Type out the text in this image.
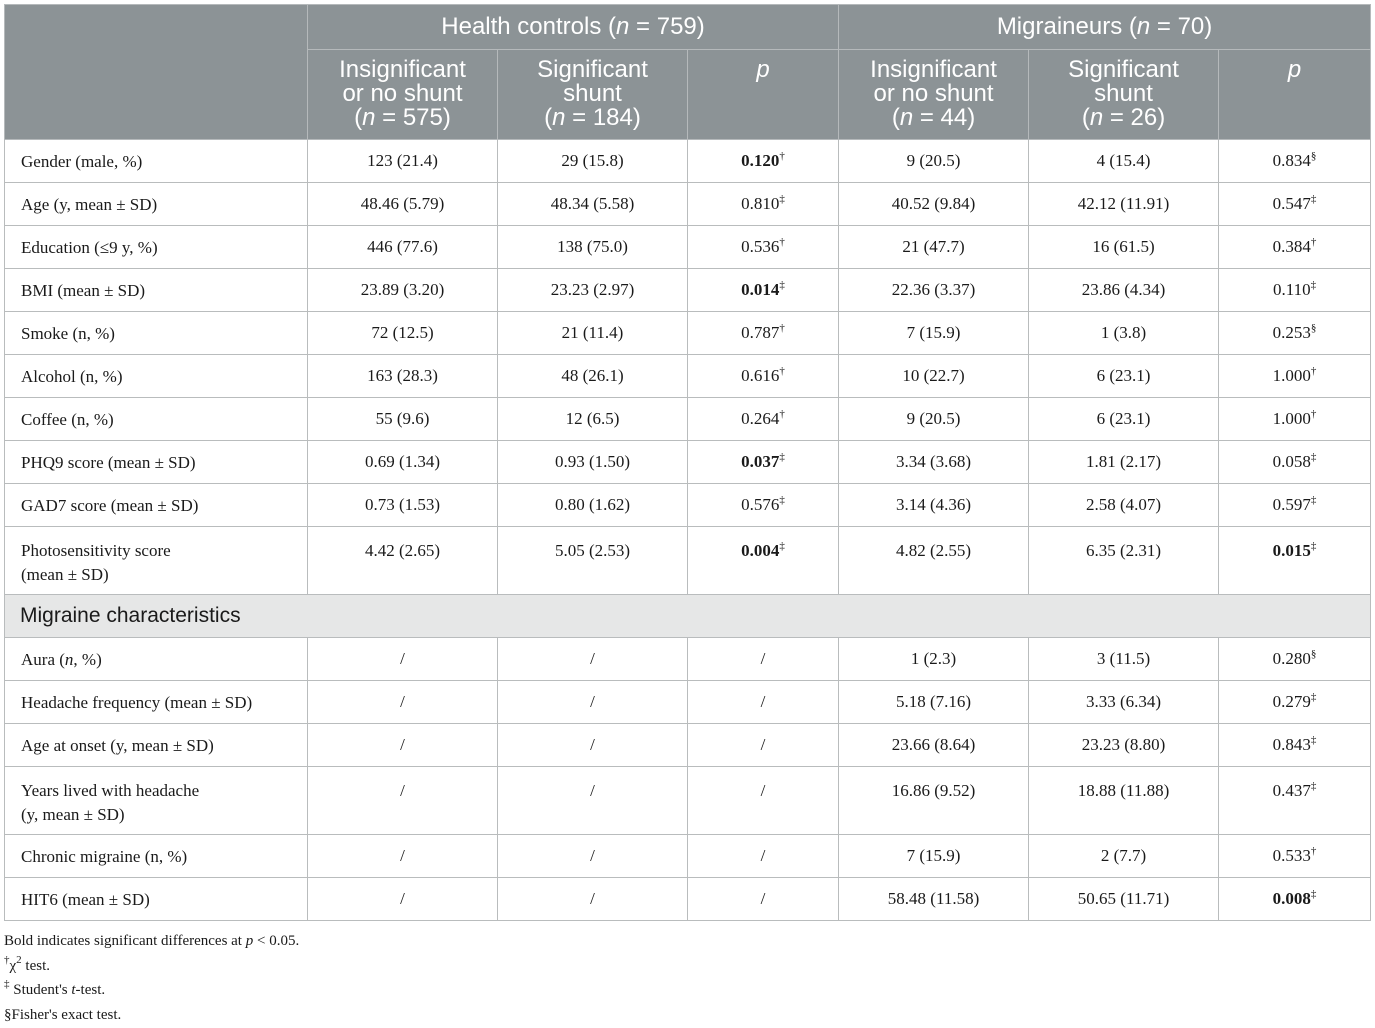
	Health controls (n = 759)			Migraineurs (n = 70)		
	Insignificant
or no shunt
(n = 575)	Significant
shunt
(n = 184)	p	Insignificant
or no shunt
(n = 44)	Significant
shunt
(n = 26)	p
Gender (male, %)	123 (21.4)	29 (15.8)	0.120†	9 (20.5)	4 (15.4)	0.834§
Age (y, mean ± SD)	48.46 (5.79)	48.34 (5.58)	0.810‡	40.52 (9.84)	42.12 (11.91)	0.547‡
Education (≤9 y, %)	446 (77.6)	138 (75.0)	0.536†	21 (47.7)	16 (61.5)	0.384†
BMI (mean ± SD)	23.89 (3.20)	23.23 (2.97)	0.014‡	22.36 (3.37)	23.86 (4.34)	0.110‡
Smoke (n, %)	72 (12.5)	21 (11.4)	0.787†	7 (15.9)	1 (3.8)	0.253§
Alcohol (n, %)	163 (28.3)	48 (26.1)	0.616†	10 (22.7)	6 (23.1)	1.000†
Coffee (n, %)	55 (9.6)	12 (6.5)	0.264†	9 (20.5)	6 (23.1)	1.000†
PHQ9 score (mean ± SD)	0.69 (1.34)	0.93 (1.50)	0.037‡	3.34 (3.68)	1.81 (2.17)	0.058‡
GAD7 score (mean ± SD)	0.73 (1.53)	0.80 (1.62)	0.576‡	3.14 (4.36)	2.58 (4.07)	0.597‡
Photosensitivity score
(mean ± SD)	4.42 (2.65)	5.05 (2.53)	0.004‡	4.82 (2.55)	6.35 (2.31)	0.015‡
Migraine characteristics						
Aura (n, %)	/	/	/	1 (2.3)	3 (11.5)	0.280§
Headache frequency (mean ± SD)	/	/	/	5.18 (7.16)	3.33 (6.34)	0.279‡
Age at onset (y, mean ± SD)	/	/	/	23.66 (8.64)	23.23 (8.80)	0.843‡
Years lived with headache
(y, mean ± SD)	/	/	/	16.86 (9.52)	18.88 (11.88)	0.437‡
Chronic migraine (n, %)	/	/	/	7 (15.9)	2 (7.7)	0.533†
HIT6 (mean ± SD)	/	/	/	58.48 (11.58)	50.65 (11.71)	0.008‡
Bold indicates significant differences at p < 0.05.
$^\dagger\chi^2$ test.
‡ Student's t-test.
§Fisher's exact test.
